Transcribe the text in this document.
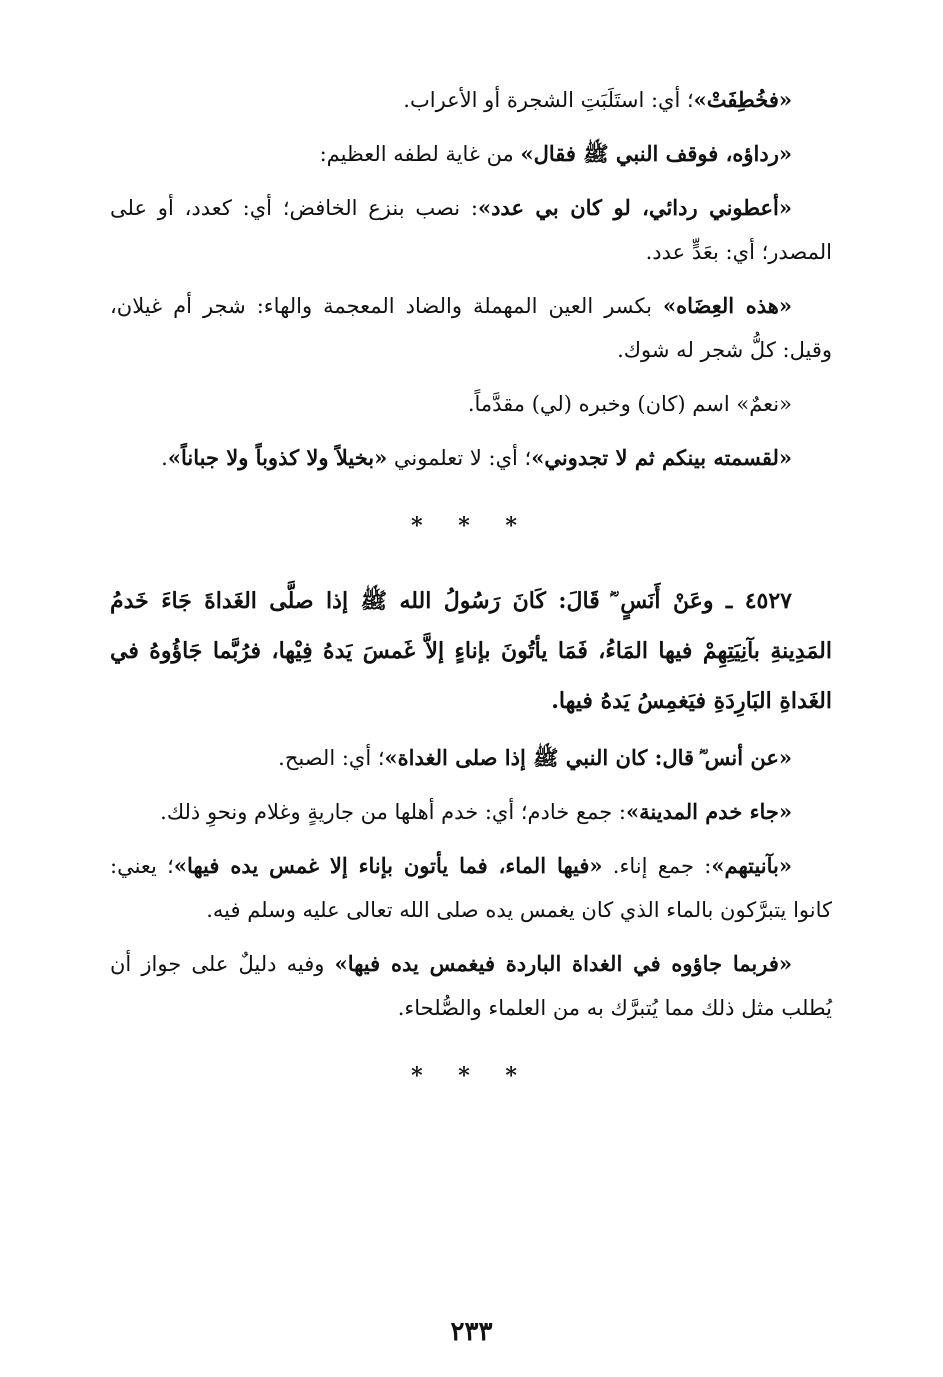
«فخُطِفَتْ»؛ أي: استَلَبَتِ الشجرة أو الأعراب.

«رداؤه، فوقف النبي ﷺ فقال» من غاية لطفه العظيم:

«أعطوني ردائي، لو كان بي عدد»: نصب بنزع الخافض؛ أي: كعدد، أو على المصدر؛ أي: بعَدٍّ عدد.

«هذه العِضَاه» بكسر العين المهملة والضاد المعجمة والهاء: شجر أم غيلان، وقيل: كلُّ شجر له شوك.

«نعمٌ» اسم (كان) وخبره (لي) مقدَّماً.

«لقسمته بينكم ثم لا تجدوني»؛ أي: لا تعلموني «بخيلاً ولا كذوباً ولا جباناً».

* * *

٤٥٢٧ ـ وعَنْ أَنَسٍ ؓ قَالَ: كَانَ رَسُولُ الله ﷺ إذا صلَّى الغَداةَ جَاءَ خَدمُ المَدِينةِ بآنِيَتِهِمْ فيها المَاءُ، فَمَا يأتُونَ بإناءٍ إلاَّ غَمسَ يَدهُ فِيْها، فرُبَّما جَاؤُوهُ في الغَداةِ البَارِدَةِ فيَغمِسُ يَدهُ فيها.

«عن أنس ؓ قال: كان النبي ﷺ إذا صلى الغداة»؛ أي: الصبح.

«جاء خدم المدينة»: جمع خادم؛ أي: خدم أهلها من جاريةٍ وغلام ونحوِ ذلك.

«بآنيتهم»: جمع إناء. «فيها الماء، فما يأتون بإناء إلا غمس يده فيها»؛ يعني: كانوا يتبرَّكون بالماء الذي كان يغمس يده صلى الله تعالى عليه وسلم فيه.

«فربما جاؤوه في الغداة الباردة فيغمس يده فيها» وفيه دليلٌ على جواز أن يُطلب مثل ذلك مما يُتبرَّك به من العلماء والصُّلحاء.

* * *
٢٣٣
